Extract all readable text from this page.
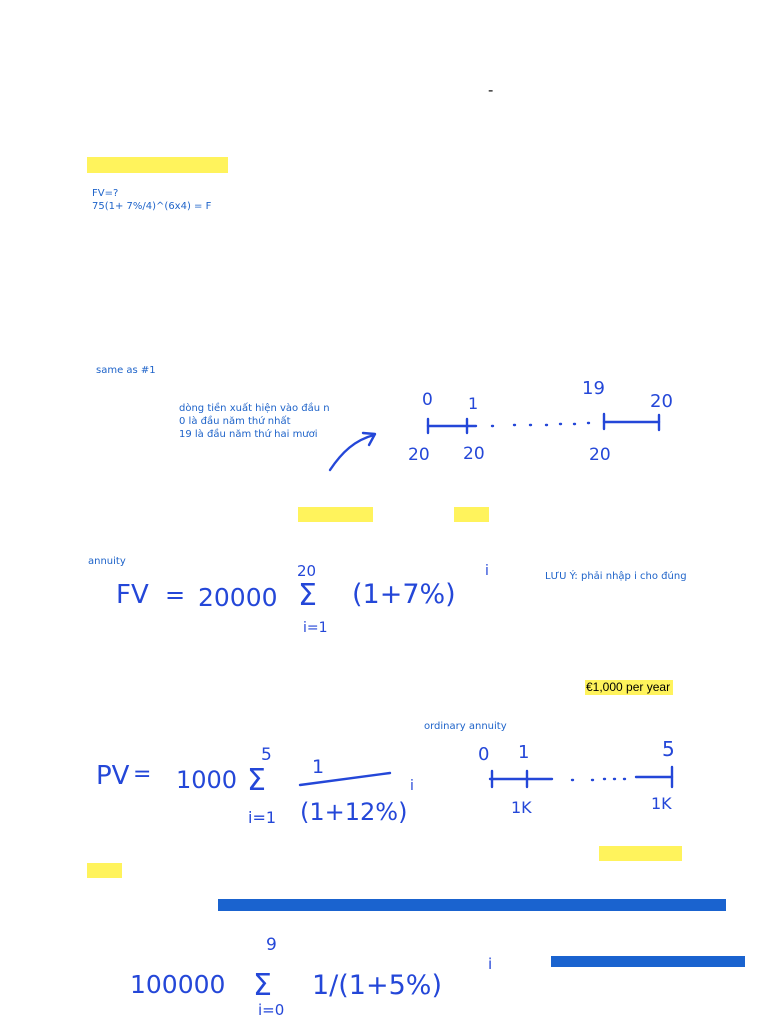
-
FV=?
75(1+ 7%/4)^(6x4) = F
same as #1
dòng tiền xuất hiện vào đầu n
0 là đầu năm thứ nhất
19 là đầu năm thứ hai mươi
annuity
LƯU Ý: phải nhập i cho đúng
€1,000 per year
ordinary annuity
0 1
19
20
20 20	20
FV = 20000
20
Σ
i=1
(1+7%)
i
PV = 1000
5
Σ
i=1
1
(1+12%)
i
0 1	5
1K	1K
100000
9
Σ
i=0
1/(1+5%)
i
